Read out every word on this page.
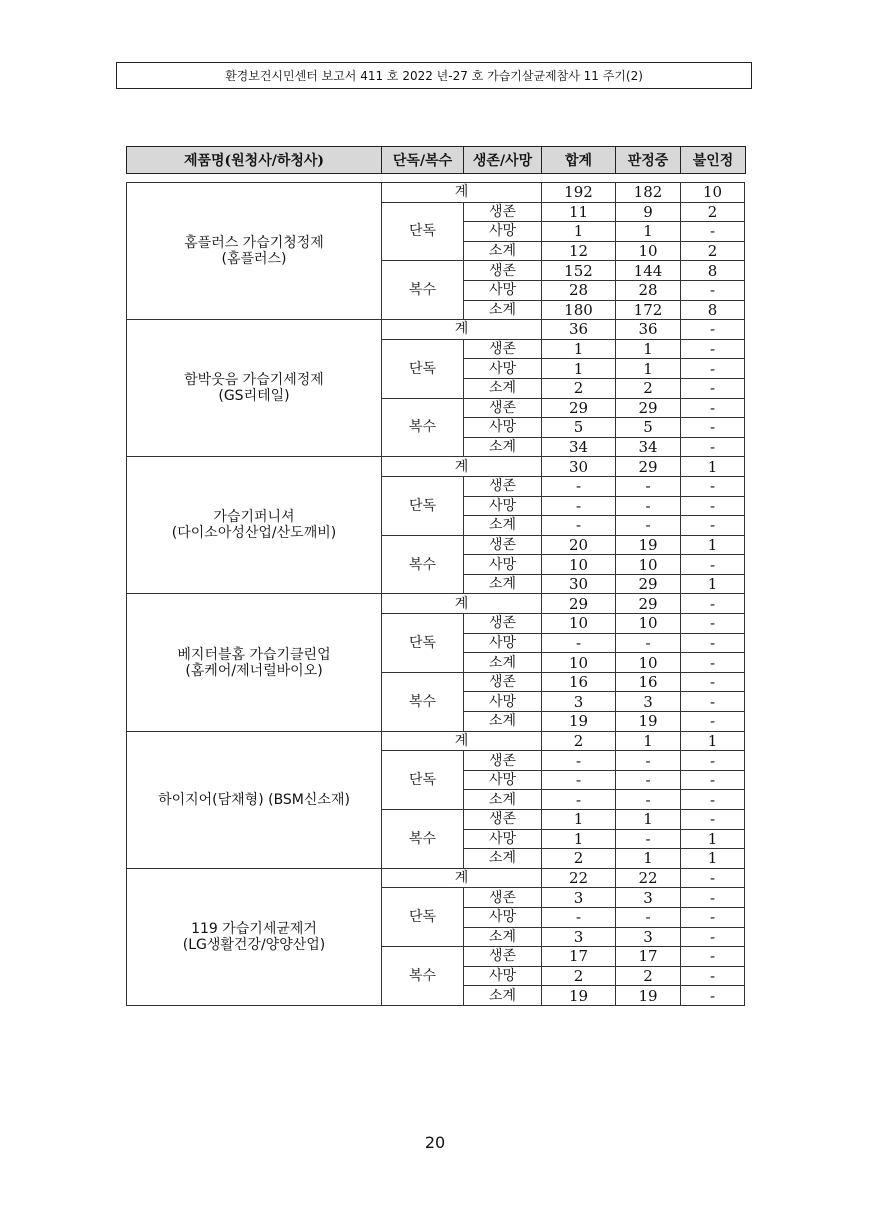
환경보건시민센터 보고서 411 호 2022 년-27 호 가습기살균제참사 11 주기(2)
제품명(원청사/하청사)	단독/복수	생존/사망	합계	판정중	불인정
홈플러스 가습기청정제
(홈플러스)	계		192	182	10
	단독	생존	11	9	2
		사망	1	1	-
		소계	12	10	2
	복수	생존	152	144	8
		사망	28	28	-
		소계	180	172	8

함박웃음 가습기세정제
(GS리테일)	계		36	36	-
	단독	생존	1	1	-
		사망	1	1	-
		소계	2	2	-
	복수	생존	29	29	-
		사망	5	5	-
		소계	34	34	-

가습기퍼니셔
(다이소아성산업/산도깨비)	계		30	29	1
	단독	생존	-	-	-
		사망	-	-	-
		소계	-	-	-
	복수	생존	20	19	1
		사망	10	10	-
		소계	30	29	1

베지터블홈 가습기클린업
(홈케어/제너럴바이오)	계		29	29	-
	단독	생존	10	10	-
		사망	-	-	-
		소계	10	10	-
	복수	생존	16	16	-
		사망	3	3	-
		소계	19	19	-

하이지어(담채형) (BSM신소재)	계		2	1	1
	단독	생존	-	-	-
		사망	-	-	-
		소계	-	-	-
	복수	생존	1	1	-
		사망	1	-	1
		소계	2	1	1

119 가습기세균제거
(LG생활건강/양양산업)	계		22	22	-
	단독	생존	3	3	-
		사망	-	-	-
		소계	3	3	-
	복수	생존	17	17	-
		사망	2	2	-
		소계	19	19	-
20
